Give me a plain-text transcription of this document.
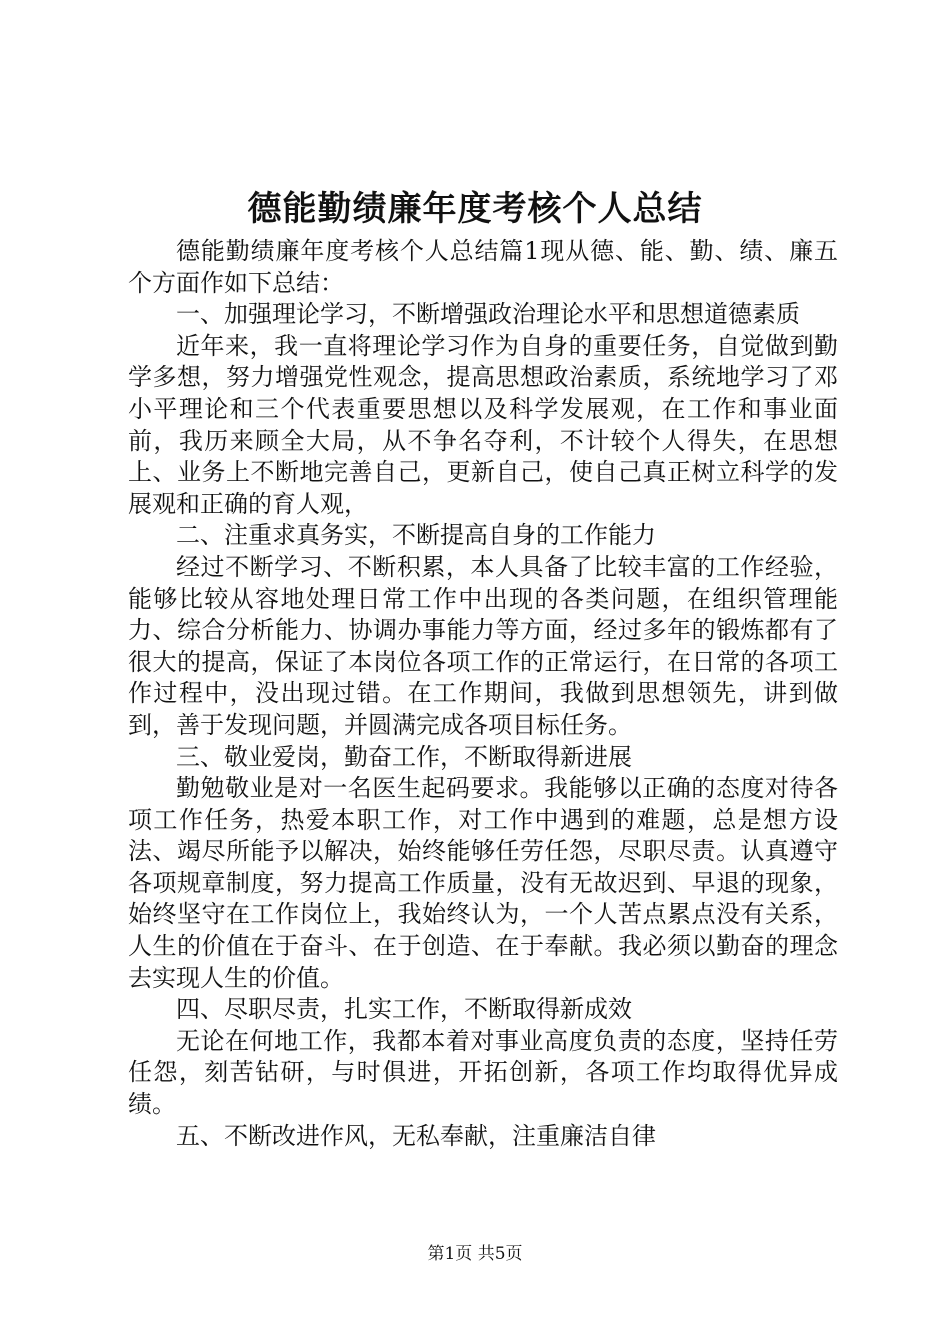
德能勤绩廉年度考核个人总结

德能勤绩廉年度考核个人总结篇1现从德、能、勤、绩、廉五个方面作如下总结：

一、加强理论学习，不断增强政治理论水平和思想道德素质

近年来，我一直将理论学习作为自身的重要任务，自觉做到勤学多想，努力增强党性观念，提高思想政治素质，系统地学习了邓小平理论和三个代表重要思想以及科学发展观，在工作和事业面前，我历来顾全大局，从不争名夺利，不计较个人得失，在思想上、业务上不断地完善自己，更新自己，使自己真正树立科学的发展观和正确的育人观，

二、注重求真务实，不断提高自身的工作能力

经过不断学习、不断积累，本人具备了比较丰富的工作经验，能够比较从容地处理日常工作中出现的各类问题，在组织管理能力、综合分析能力、协调办事能力等方面，经过多年的锻炼都有了很大的提高，保证了本岗位各项工作的正常运行，在日常的各项工作过程中，没出现过错。在工作期间，我做到思想领先，讲到做到，善于发现问题，并圆满完成各项目标任务。

三、敬业爱岗，勤奋工作，不断取得新进展

勤勉敬业是对一名医生起码要求。我能够以正确的态度对待各项工作任务，热爱本职工作，对工作中遇到的难题，总是想方设法、竭尽所能予以解决，始终能够任劳任怨，尽职尽责。认真遵守各项规章制度，努力提高工作质量，没有无故迟到、早退的现象，始终坚守在工作岗位上，我始终认为，一个人苦点累点没有关系，人生的价值在于奋斗、在于创造、在于奉献。我必须以勤奋的理念去实现人生的价值。

四、尽职尽责，扎实工作，不断取得新成效

无论在何地工作，我都本着对事业高度负责的态度，坚持任劳任怨，刻苦钻研，与时俱进，开拓创新，各项工作均取得优异成绩。

五、不断改进作风，无私奉献，注重廉洁自律

第1页 共5页
